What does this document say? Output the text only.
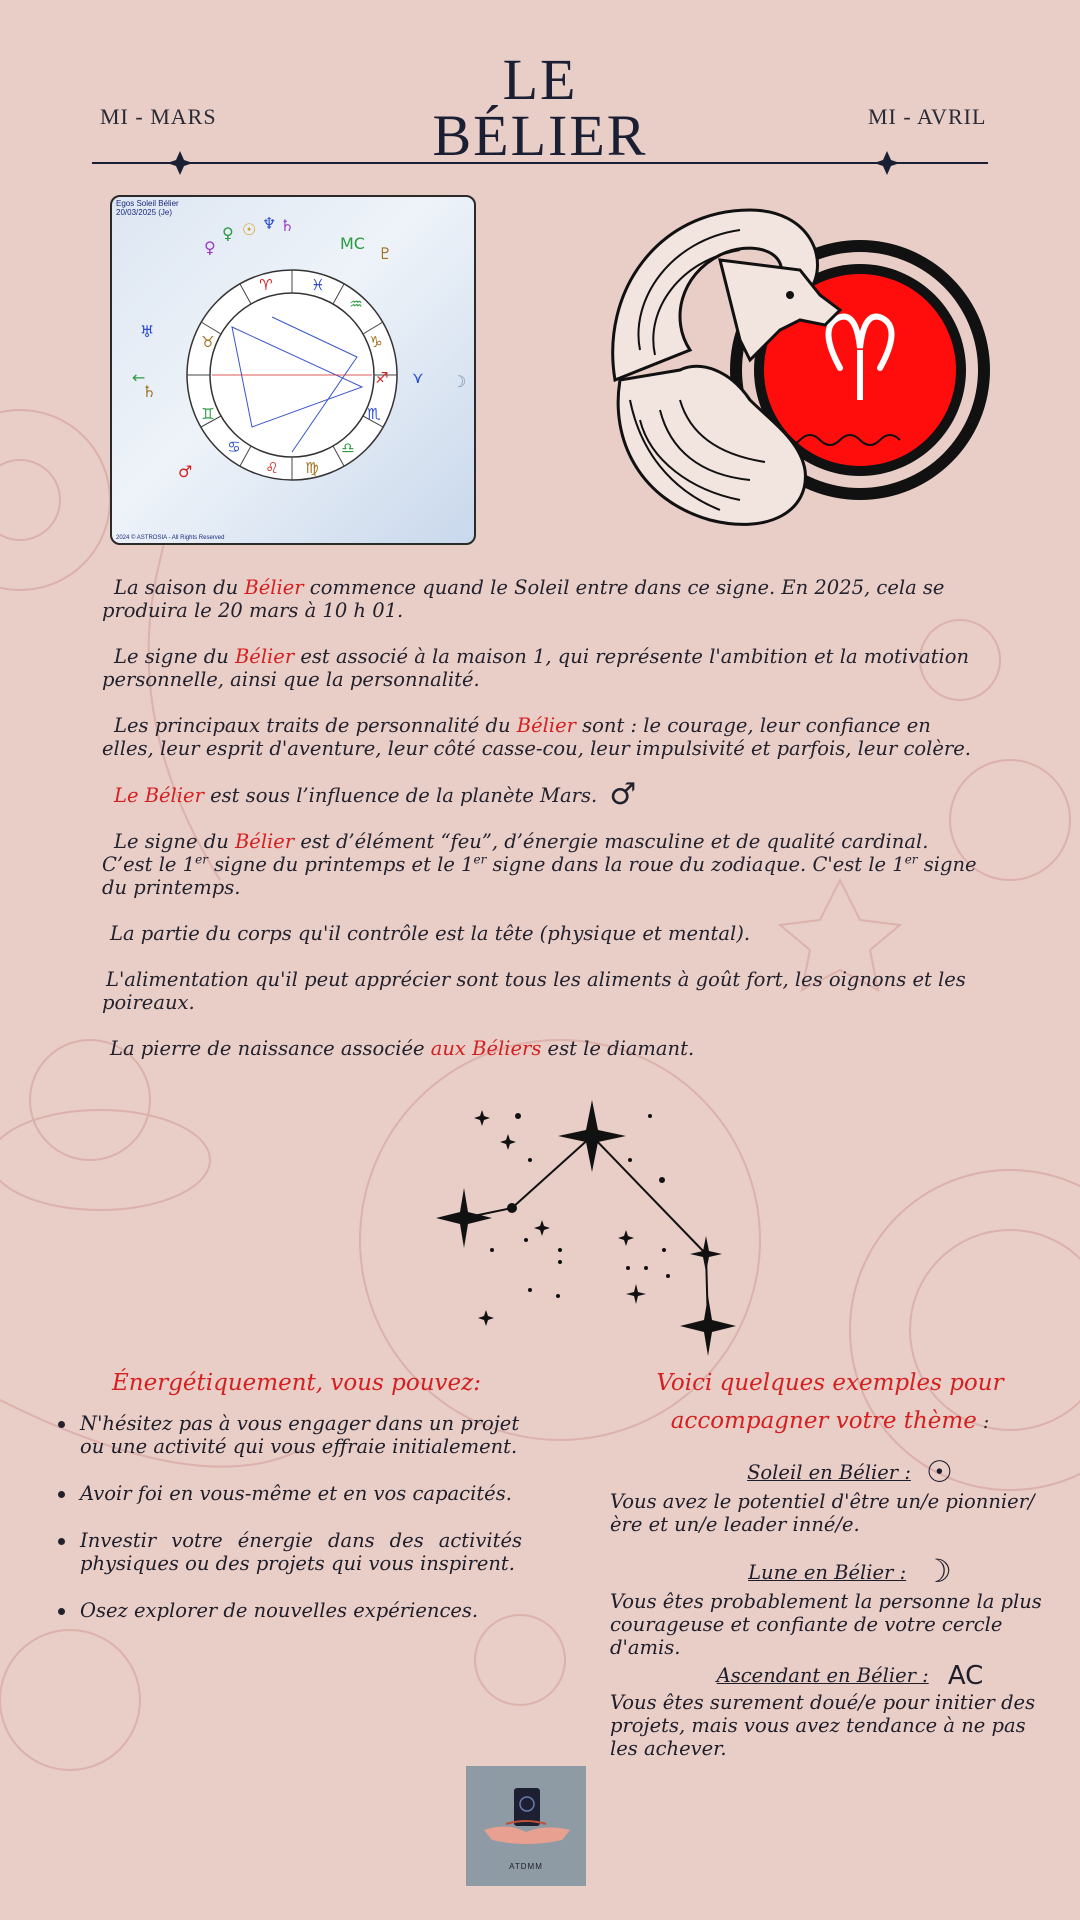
MI - MARS	MI - AVRIL
LE
BÉLIER
Egos Soleil Bélier
20/03/2025 (Je)
♈	♓
♒
♑
♐
♏
♎
♍
♌
♋
♊
♉
MC
♇
☽
⋎
←
♅
♄
♂
♀
♀ ☉ ♆ ♄
2024 © ASTROSIA - All Rights Reserved

La saison du Bélier commence quand le Soleil entre dans ce signe. En 2025, cela se produira le 20 mars à 10 h 01.

Le signe du Bélier est associé à la maison 1, qui représente l'ambition et la motivation personnelle, ainsi que la personnalité.

Les principaux traits de personnalité du Bélier sont : le courage, leur confiance en elles, leur esprit d'aventure, leur côté casse-cou, leur impulsivité et parfois, leur colère.

Le Bélier est sous l’influence de la planète Mars. ♂

Le signe du Bélier est d’élément “feu”, d’énergie masculine et de qualité cardinal. C’est le 1er signe du printemps et le 1er signe dans la roue du zodiaque. C'est le 1er signe du printemps.

La partie du corps qu'il contrôle est la tête (physique et mental).

L'alimentation qu'il peut apprécier sont tous les aliments à goût fort, les oignons et les poireaux.

La pierre de naissance associée aux Béliers est le diamant.

Énergétiquement, vous pouvez:
N'hésitez pas à vous engager dans un projet ou une activité qui vous effraie initialement.
Avoir foi en vous-même et en vos capacités.
Investir votre énergie dans des activités physiques ou des projets qui vous inspirent.
Osez explorer de nouvelles expériences.
Voici quelques exemples pour accompagner votre thème :
Soleil en Bélier : ☉
Vous avez le potentiel d'être un/e pionnier/ère et un/e leader inné/e.
Lune en Bélier : ☽
Vous êtes probablement la personne la plus courageuse et confiante de votre cercle d'amis.
Ascendant en Bélier : AC
Vous êtes surement doué/e pour initier des projets, mais vous avez tendance à ne pas les achever.
ATDMM
